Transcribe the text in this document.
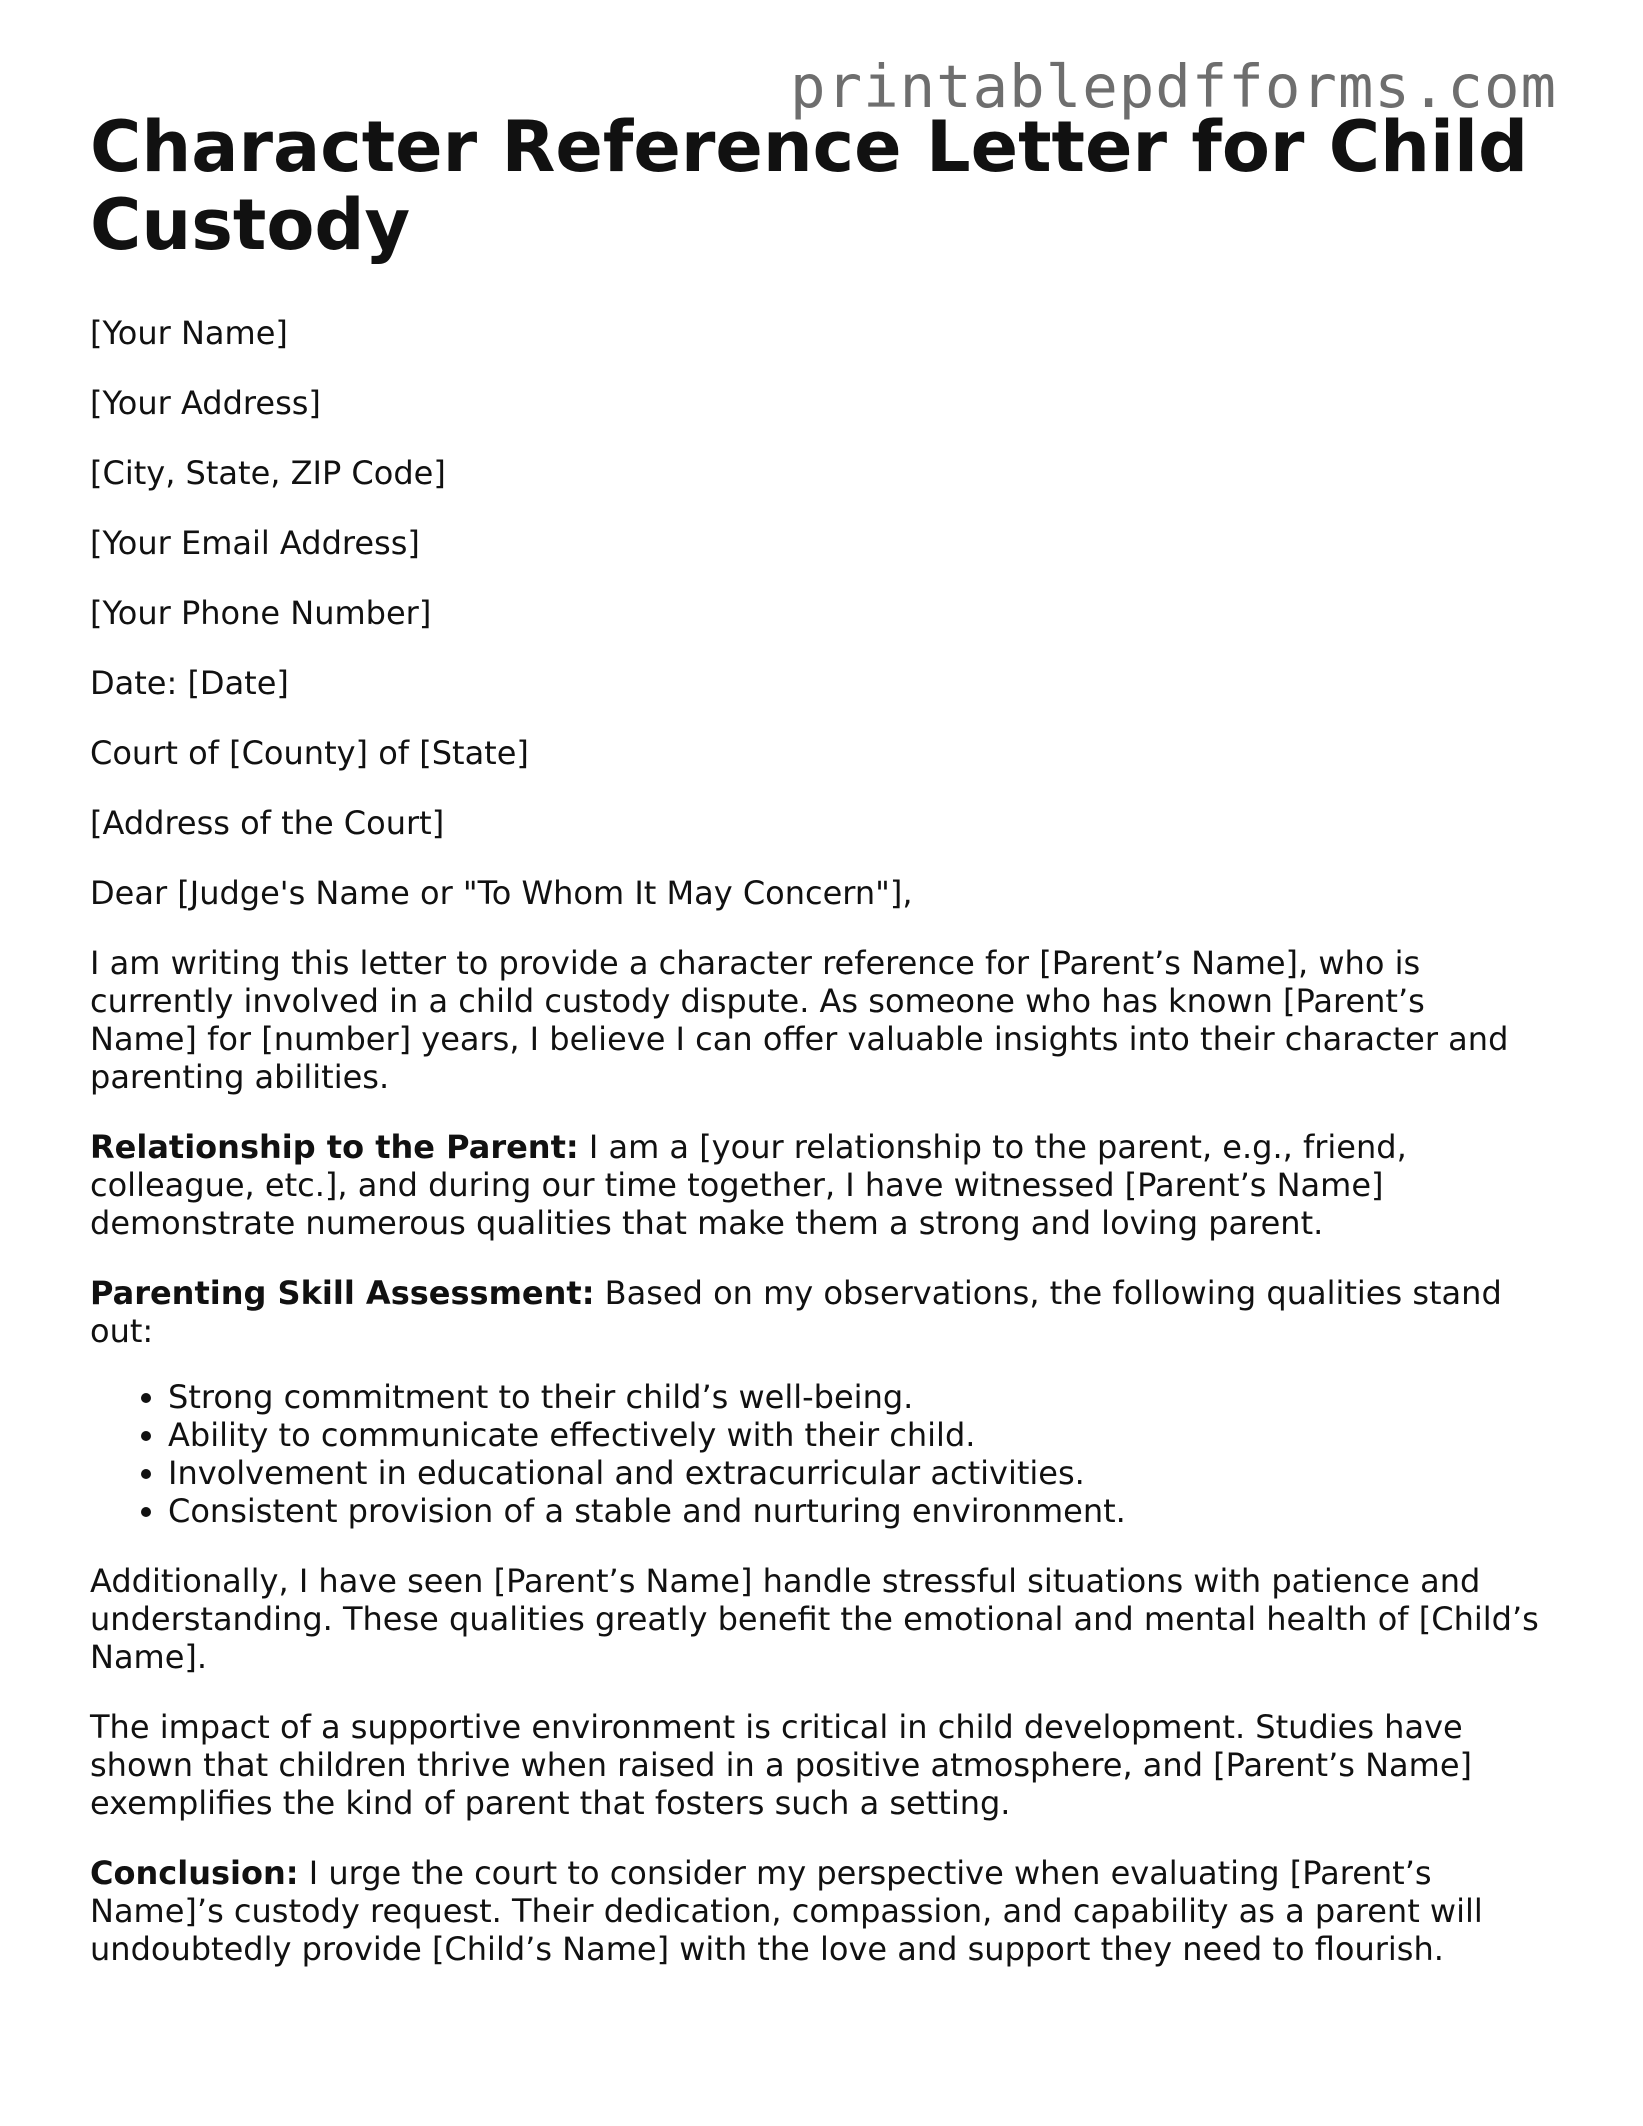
printablepdfforms.com
Character Reference Letter for Child Custody

[Your Name]

[Your Address]

[City, State, ZIP Code]

[Your Email Address]

[Your Phone Number]

Date: [Date]

Court of [County] of [State]

[Address of the Court]

Dear [Judge's Name or "To Whom It May Concern"],

I am writing this letter to provide a character reference for [Parent’s Name], who is currently involved in a child custody dispute. As someone who has known [Parent’s Name] for [number] years, I believe I can offer valuable insights into their character and parenting abilities.

Relationship to the Parent: I am a [your relationship to the parent, e.g., friend, colleague, etc.], and during our time together, I have witnessed [Parent’s Name] demonstrate numerous qualities that make them a strong and loving parent.

Parenting Skill Assessment: Based on my observations, the following qualities stand out:

• Strong commitment to their child’s well-being.
• Ability to communicate effectively with their child.
• Involvement in educational and extracurricular activities.
• Consistent provision of a stable and nurturing environment.

Additionally, I have seen [Parent’s Name] handle stressful situations with patience and understanding. These qualities greatly benefit the emotional and mental health of [Child’s Name].

The impact of a supportive environment is critical in child development. Studies have shown that children thrive when raised in a positive atmosphere, and [Parent’s Name] exemplifies the kind of parent that fosters such a setting.

Conclusion: I urge the court to consider my perspective when evaluating [Parent’s Name]’s custody request. Their dedication, compassion, and capability as a parent will undoubtedly provide [Child’s Name] with the love and support they need to flourish.
